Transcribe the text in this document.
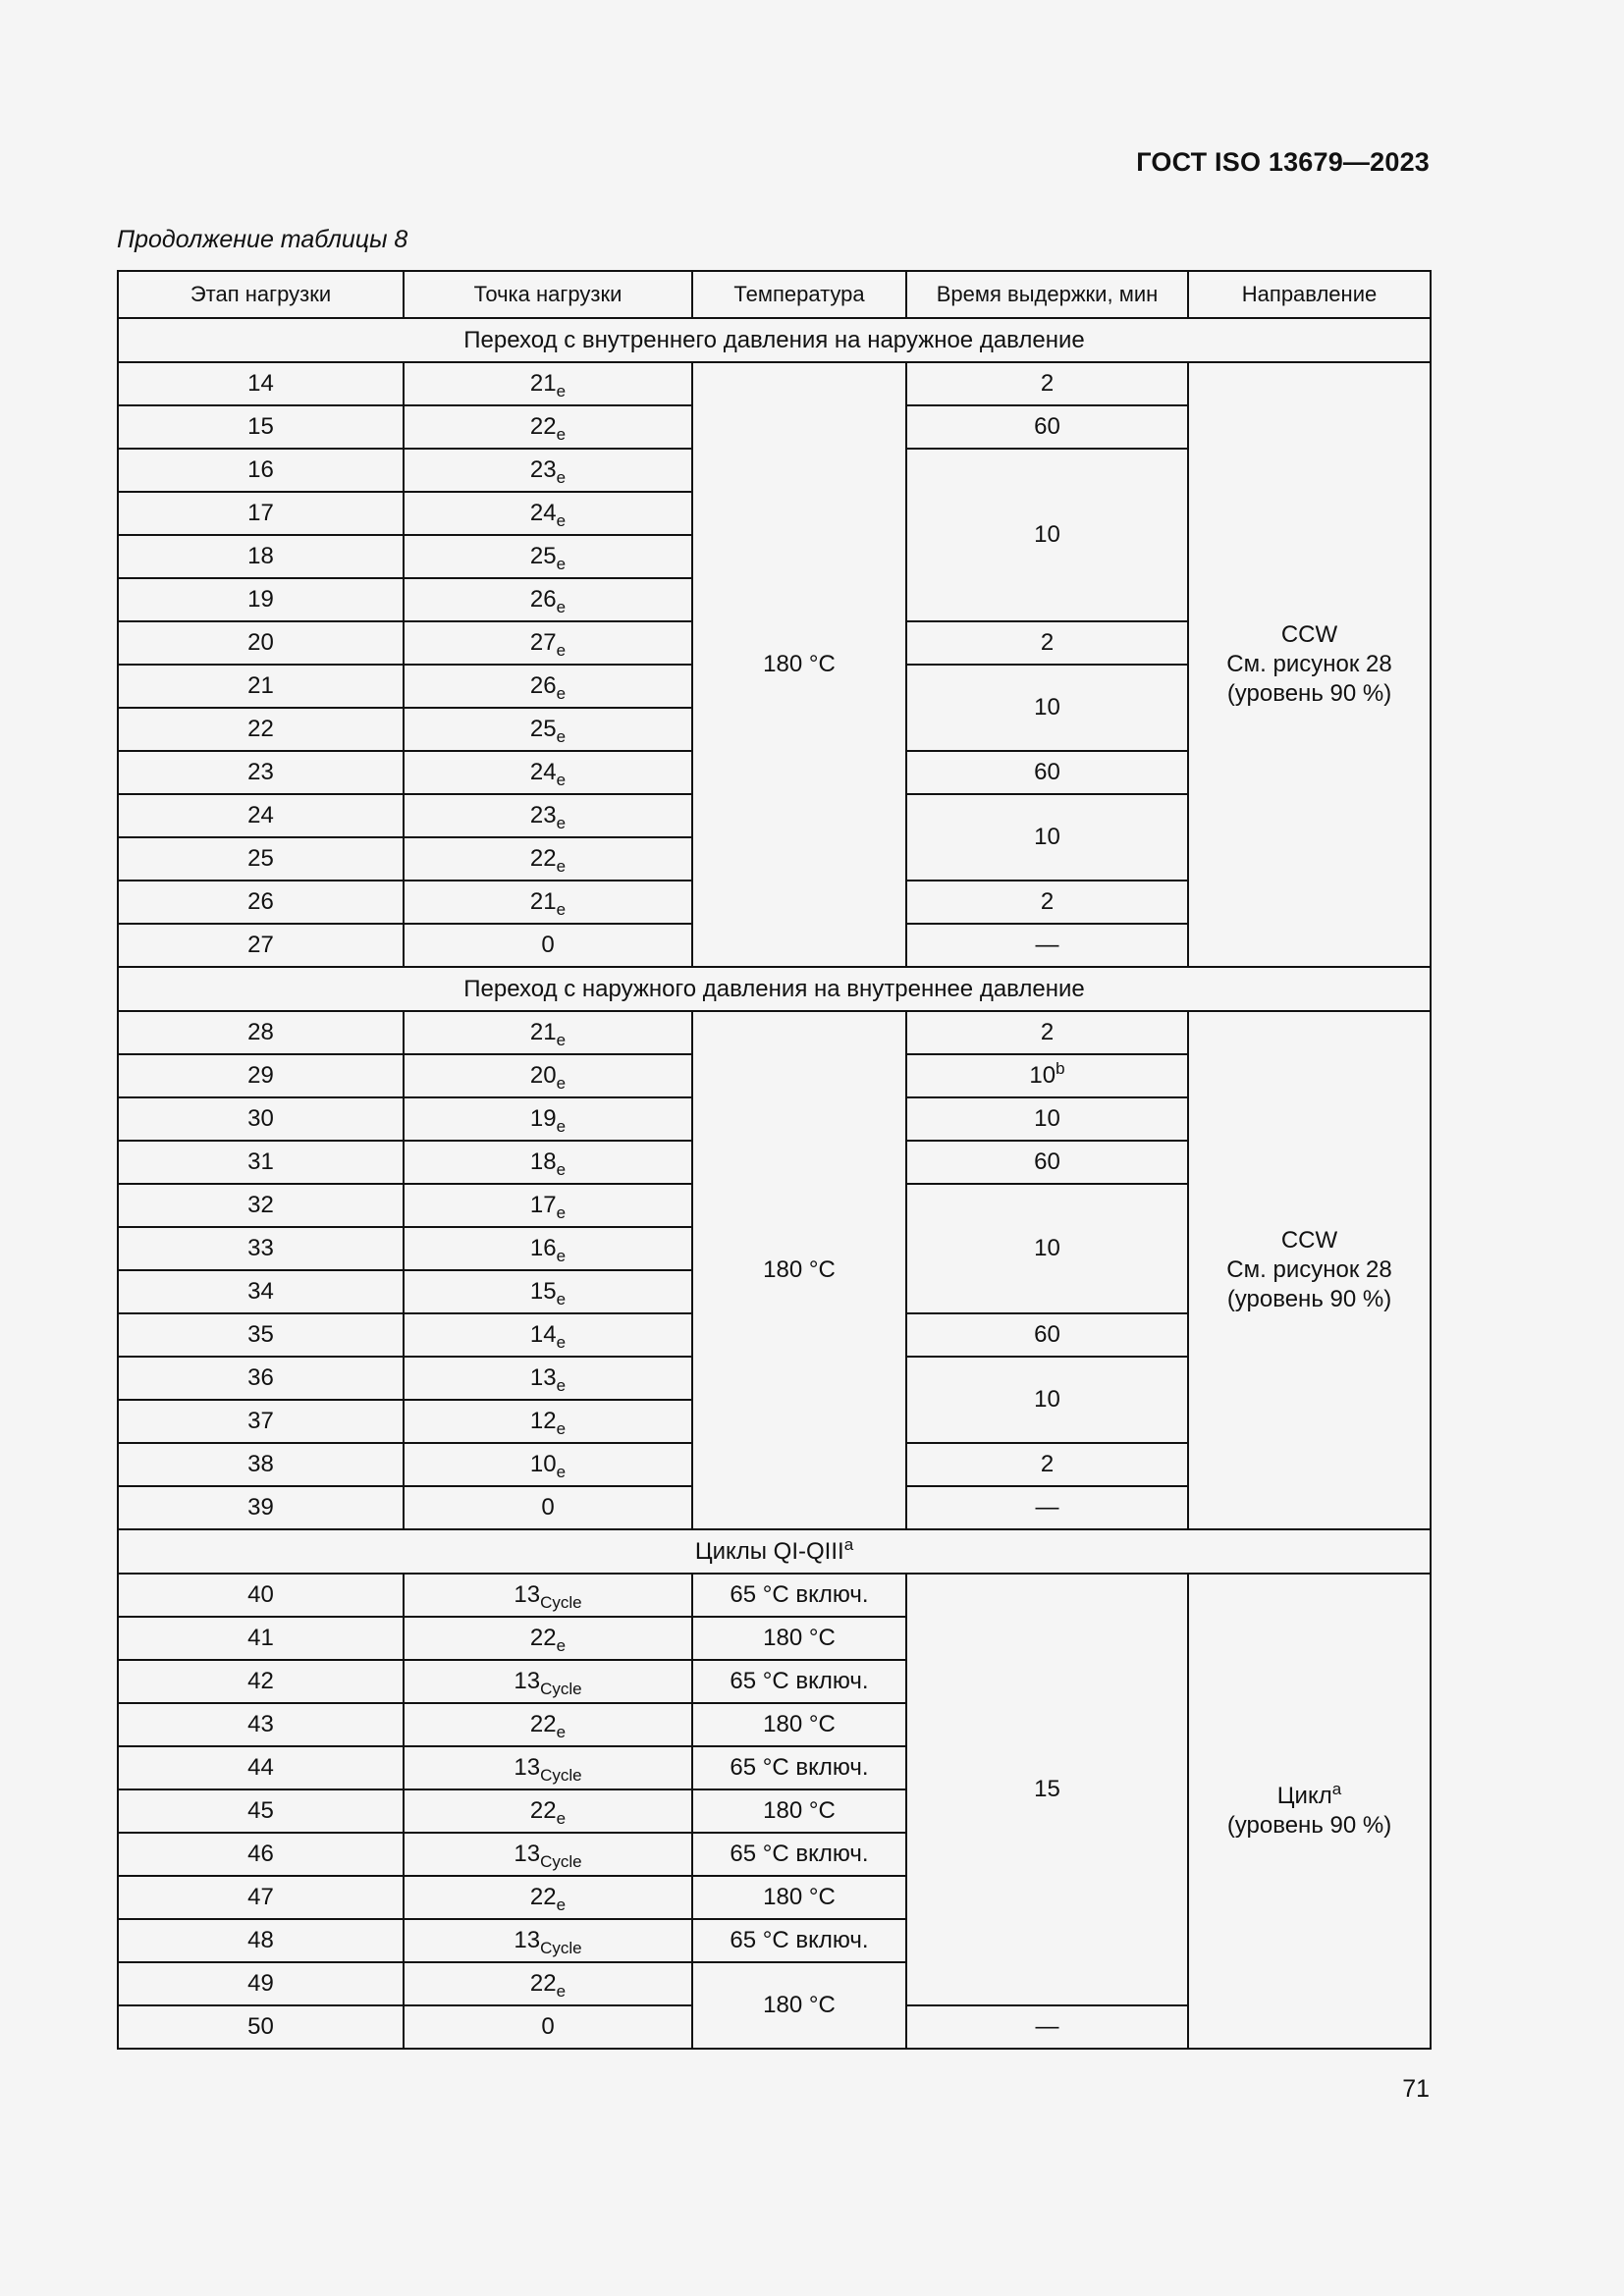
ГОСТ ISO 13679—2023
Продолжение таблицы 8
Этап нагрузки	Точка нагрузки	Температура	Время выдержки, мин	Направление
Переход с внутреннего давления на наружное давление				
14	$21_e$	180 °C	2	CCW
См. рисунок 28
(уровень 90 %)

15	$22_e$		60	
16	$23_e$		10	
17	$24_e$
18	$25_e$
19	$26_e$
20	$27_e$		2	
21	$26_e$		10	
22	$25_e$
23	$24_e$		60	
24	$23_e$		10	
25	$22_e$
26	$21_e$		2	
27	0		—	
Переход с наружного давления на внутреннее давление				
28	$21_e$	180 °C	2	CCW
См. рисунок 28
(уровень 90 %)

29	$20_e$		10$^b$
30	$19_e$		10	
31	$18_e$		60	
32	$17_e$		10	
33	$16_e$
34	$15_e$
35	$14_e$		60	
36	$13_e$		10	
37	$12_e$
38	$10_e$		2	
39	0		—	
Циклы QI-QIII$^a$
40	$13_{Cycle}$	65 °C включ.	15	Цикл$^a$
(уровень 90 %)

41	$22_e$	180 °C		
42	$13_{Cycle}$	65 °C включ.		
43	$22_e$	180 °C		
44	$13_{Cycle}$	65 °C включ.		
45	$22_e$	180 °C		
46	$13_{Cycle}$	65 °C включ.		
47	$22_e$	180 °C		
48	$13_{Cycle}$	65 °C включ.		
49	$22_e$	180 °C		
50	0		—	
71
